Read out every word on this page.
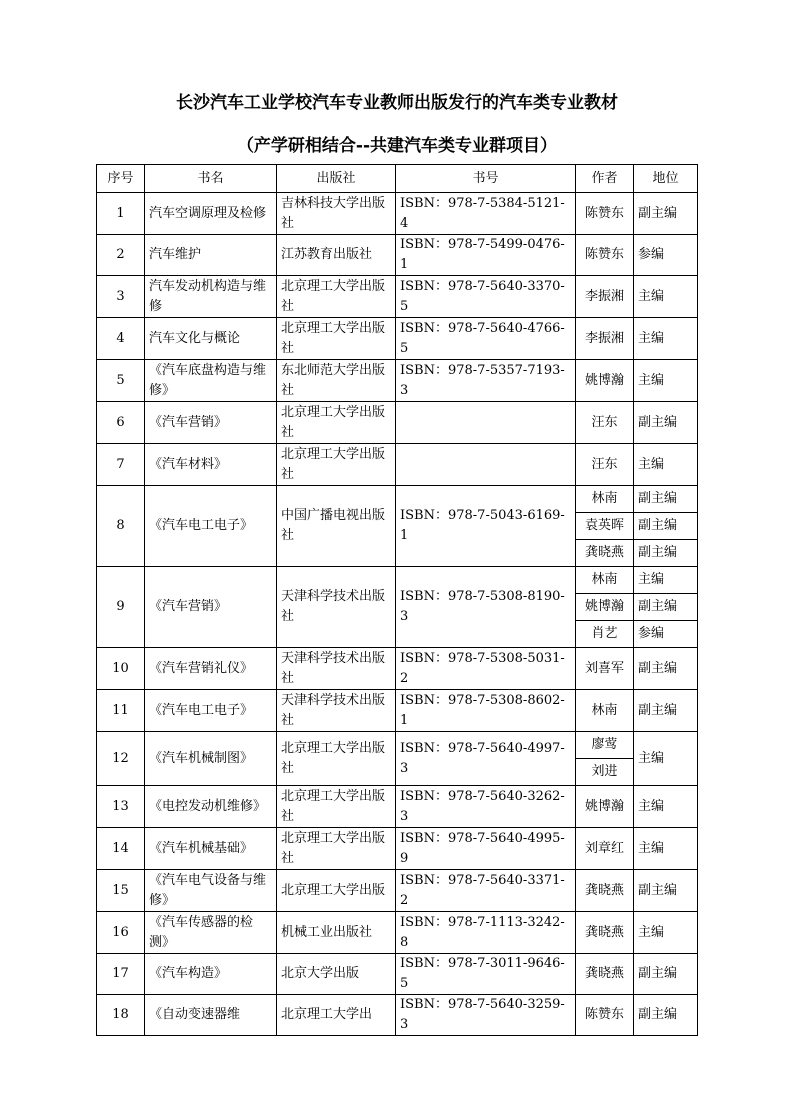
长沙汽车工业学校汽车专业教师出版发行的汽车类专业教材
（产学研相结合--共建汽车类专业群项目）
序号	书名	出版社	书号	作者	地位
1	汽车空调原理及检修	吉林科技大学出版社	ISBN：978-7-5384-5121-4	陈赞东	副主编
2	汽车维护	江苏教育出版社	ISBN：978-7-5499-0476-1	陈赞东	参编
3	汽车发动机构造与维修	北京理工大学出版社	ISBN：978-7-5640-3370-5	李振湘	主编
4	汽车文化与概论	北京理工大学出版社	ISBN：978-7-5640-4766-5	李振湘	主编
5	《汽车底盘构造与维修》	东北师范大学出版社	ISBN：978-7-5357-7193-3	姚博瀚	主编
6	《汽车营销》	北京理工大学出版社		汪东	副主编
7	《汽车材料》	北京理工大学出版社		汪东	主编
8	《汽车电工电子》	中国广播电视出版社	ISBN：978-7-5043-6169-1	林南	副主编
				袁英晖	副主编
				龚晓燕	副主编
9	《汽车营销》	天津科学技术出版社	ISBN：978-7-5308-8190-3	林南	主编
				姚博瀚	副主编
				肖艺	参编
10	《汽车营销礼仪》	天津科学技术出版社	ISBN：978-7-5308-5031-2	刘喜军	副主编
11	《汽车电工电子》	天津科学技术出版社	ISBN：978-7-5308-8602-1	林南	副主编
12	《汽车机械制图》	北京理工大学出版社	ISBN：978-7-5640-4997-3	廖莺	主编
				刘进	
13	《电控发动机维修》	北京理工大学出版社	ISBN：978-7-5640-3262-3	姚博瀚	主编
14	《汽车机械基础》	北京理工大学出版社	ISBN：978-7-5640-4995-9	刘章红	主编
15	《汽车电气设备与维修》	北京理工大学出版	ISBN：978-7-5640-3371-2	龚晓燕	副主编
16	《汽车传感器的检测》	机械工业出版社	ISBN：978-7-1113-3242-8	龚晓燕	主编
17	《汽车构造》	北京大学出版	ISBN：978-7-3011-9646-5	龚晓燕	副主编
18	《自动变速器维	北京理工大学出	ISBN：978-7-5640-3259-3	陈赞东	副主编
